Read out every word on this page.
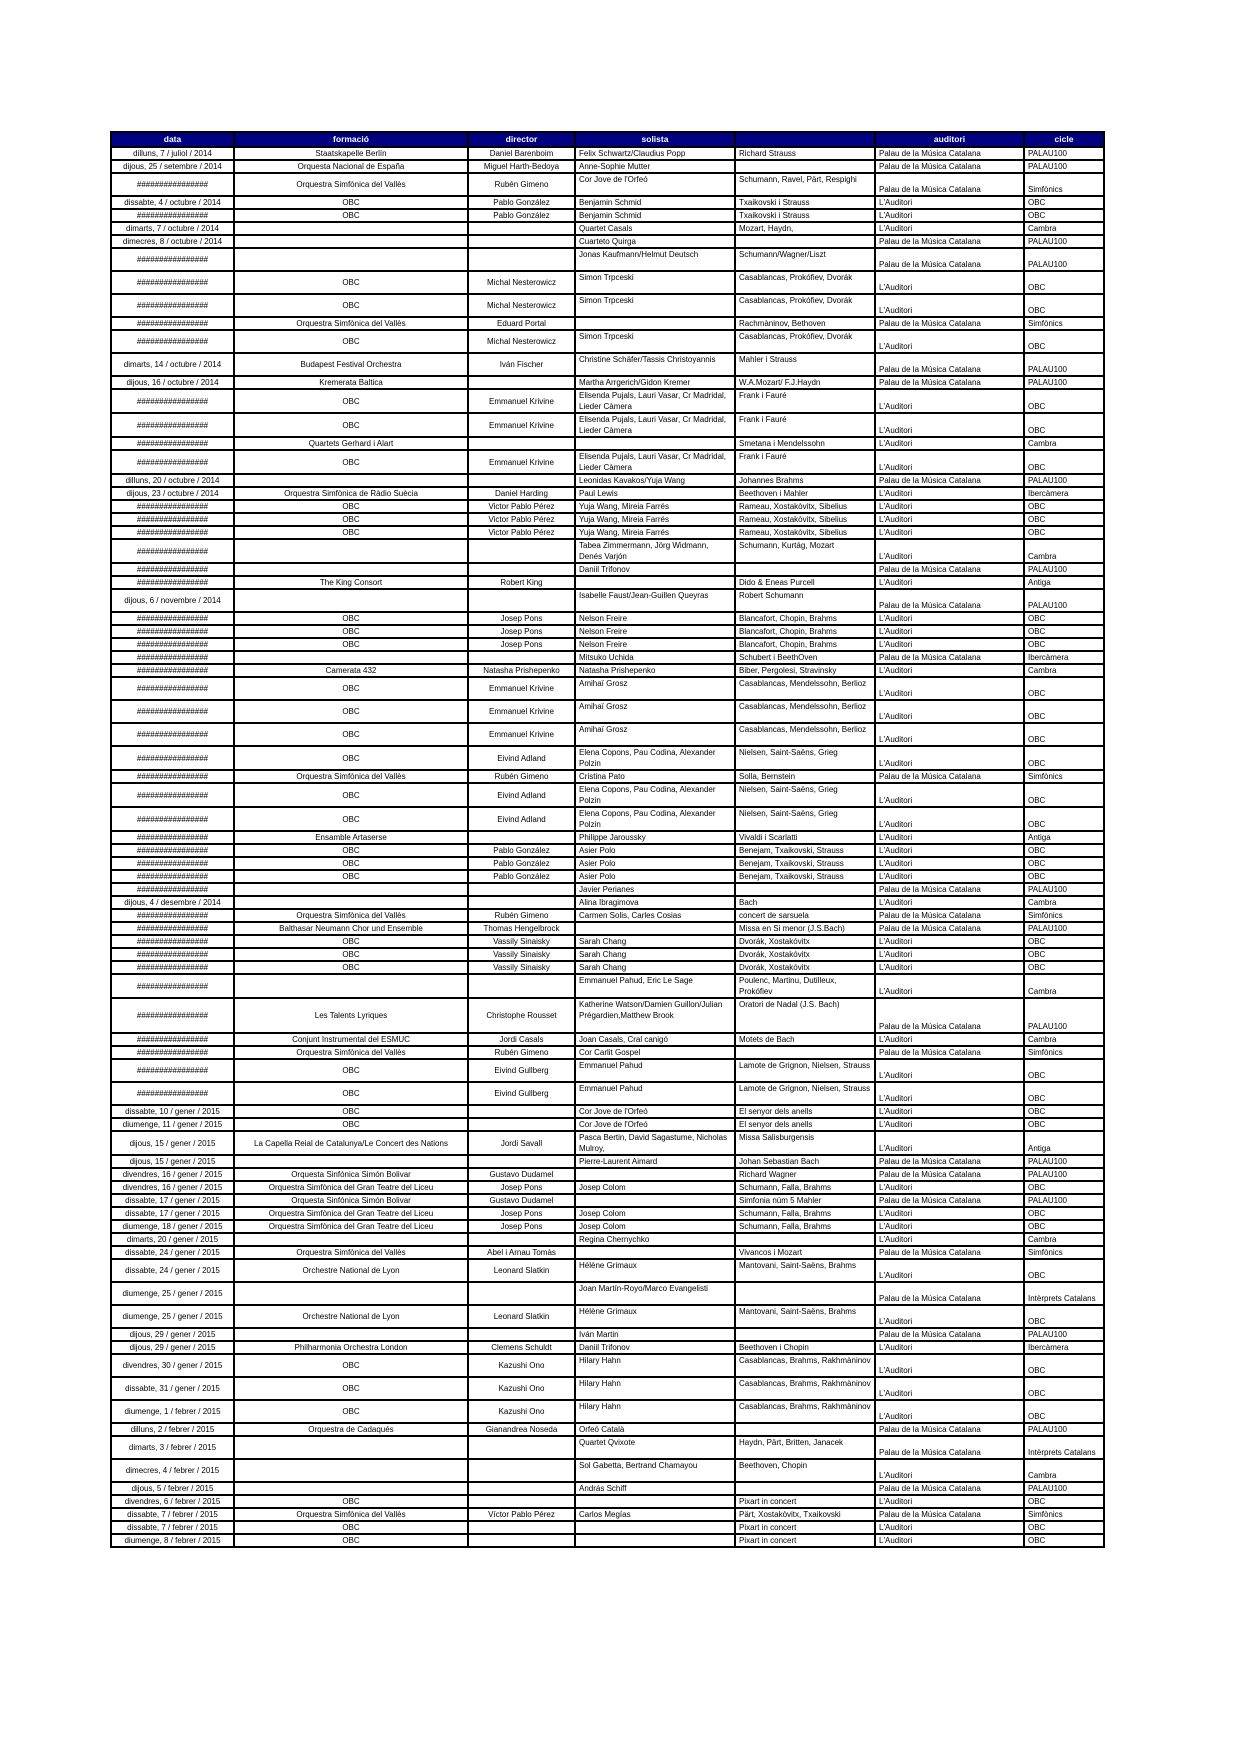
data	formació	director	solista		auditori	cicle
dilluns, 7 / juliol / 2014	Staatskapelle Berlín	Daniel Barenboim	Felix Schwartz/Claudius Popp	Richard Strauss	Palau de la Música Catalana	PALAU100
dijous, 25 / setembre / 2014	Orquesta Nacional de España	Miguel Harth-Bedoya	Anne-Sophie Mutter		Palau de la Música Catalana	PALAU100
################	Orquestra Simfònica del Vallès	Rubén Gimeno	Cor Jove de l'Orfeó	Schumann, Ravel, Pärt, Respighi	Palau de la Música Catalana	Simfònics
dissabte, 4 / octubre / 2014	OBC	Pablo González	Benjamin Schmid	Txaikovski i Strauss	L'Auditori	OBC
################	OBC	Pablo González	Benjamin Schmid	Txaikovski i Strauss	L'Auditori	OBC
dimarts, 7 / octubre / 2014			Quartet Casals	Mozart, Haydn,	L'Auditori	Cambra
dimecres, 8 / octubre / 2014			Cuarteto Quirga		Palau de la Música Catalana	PALAU100
################			Jonas Kaufmann/Helmut Deutsch	Schumann/Wagner/Liszt	Palau de la Música Catalana	PALAU100
################	OBC	Michal Nesterowicz	Simon Trpceski	Casablancas, Prokófiev, Dvorák	L'Auditori	OBC
################	OBC	Michal Nesterowicz	Simon Trpceski	Casablancas, Prokófiev, Dvorák	L'Auditori	OBC
################	Orquestra Simfònica del Vallès	Eduard Portal		Rachmàninov, Bethoven	Palau de la Música Catalana	Simfònics
################	OBC	Michal Nesterowicz	Simon Trpceski	Casablancas, Prokófiev, Dvorák	L'Auditori	OBC
dimarts, 14 / octubre / 2014	Budapest Festival Orchestra	Iván Fischer	Christine Schäfer/Tassis Christoyannis	Mahler i Strauss	Palau de la Música Catalana	PALAU100
dijous, 16 / octubre / 2014	Kremerata Baltica		Martha Arrgerich/Gidon Kremer	W.A.Mozart/ F.J.Haydn	Palau de la Música Catalana	PALAU100
################	OBC	Emmanuel Krivine	Elisenda Pujals, Lauri Vasar, Cr Madridal, Lieder Càmera	Frank i Fauré	L'Auditori	OBC
################	OBC	Emmanuel Krivine	Elisenda Pujals, Lauri Vasar, Cr Madridal, Lieder Càmera	Frank i Fauré	L'Auditori	OBC
################	Quartets Gerhard i Alart			Smetana i Mendelssohn	L'Auditori	Cambra
################	OBC	Emmanuel Krivine	Elisenda Pujals, Lauri Vasar, Cr Madridal, Lieder Càmera	Frank i Fauré	L'Auditori	OBC
dilluns, 20 / octubre / 2014			Leonidas Kavakos/Yuja Wang	Johannes Brahms	Palau de la Música Catalana	PALAU100
dijous, 23 / octubre / 2014	Orquestra Simfònica de Ràdio Suècia	Daniel Harding	Paul Lewis	Beethoven i Mahler	L'Auditori	Ibercàmera
################	OBC	Victor Pablo Pérez	Yuja Wang, Mireia Farrés	Rameau, Xostakòvitx, Sibelius	L'Auditori	OBC
################	OBC	Victor Pablo Pérez	Yuja Wang, Mireia Farrés	Rameau, Xostakòvitx, Sibelius	L'Auditori	OBC
################	OBC	Victor Pablo Pérez	Yuja Wang, Mireia Farrés	Rameau, Xostakòvitx, Sibelius	L'Auditori	OBC
################			Tabea Zimmermann, Jörg Widmann, Denés Varjón	Schumann, Kurtág, Mozart	L'Auditori	Cambra
################			Daniil Trifonov		Palau de la Música Catalana	PALAU100
################	The King Consort	Robert King		Dido & Eneas Purcell	L'Auditori	Antiga
dijous, 6 / novembre / 2014			Isabelle Faust/Jean-Guillen Queyras	Robert Schumann	Palau de la Música Catalana	PALAU100
################	OBC	Josep Pons	Nelson Freire	Blancafort, Chopin, Brahms	L'Auditori	OBC
################	OBC	Josep Pons	Nelson Freire	Blancafort, Chopin, Brahms	L'Auditori	OBC
################	OBC	Josep Pons	Nelson Freire	Blancafort, Chopin, Brahms	L'Auditori	OBC
################			Mitsuko Uchida	Schubert i BeethOven	Palau de la Música Catalana	Ibercàmera
################	Camerata 432	Natasha Prishepenko	Natasha Prishepenko	Biber, Pergolesi, Stravinsky	L'Auditori	Cambra
################	OBC	Emmanuel Krivine	Amihaï Grosz	Casablancas, Mendelssohn, Berlioz	L'Auditori	OBC
################	OBC	Emmanuel Krivine	Amihaï Grosz	Casablancas, Mendelssohn, Berlioz	L'Auditori	OBC
################	OBC	Emmanuel Krivine	Amihaï Grosz	Casablancas, Mendelssohn, Berlioz	L'Auditori	OBC
################	OBC	Eivind Adland	Elena Copons, Pau Codina, Alexander Polzin	Nielsen, Saint-Saëns, Grieg	L'Auditori	OBC
################	Orquestra Simfònica del Vallès	Rubén Gimeno	Cristina Pato	Solla, Bernstein	Palau de la Música Catalana	Simfònics
################	OBC	Eivind Adland	Elena Copons, Pau Codina, Alexander Polzin	Nielsen, Saint-Saëns, Grieg	L'Auditori	OBC
################	OBC	Eivind Adland	Elena Copons, Pau Codina, Alexander Polzin	Nielsen, Saint-Saëns, Grieg	L'Auditori	OBC
################	Ensamble Artaserse		Philippe Jaroussky	Vivaldi i Scarlatti	L'Auditori	Antiga
################	OBC	Pablo González	Asier Polo	Benejam, Txaikovski, Strauss	L'Auditori	OBC
################	OBC	Pablo González	Asier Polo	Benejam, Txaikovski, Strauss	L'Auditori	OBC
################	OBC	Pablo González	Asier Polo	Benejam, Txaikovski, Strauss	L'Auditori	OBC
################			Javier Perianes		Palau de la Música Catalana	PALAU100
dijous, 4 / desembre / 2014			Alina Ibragimova	Bach	L'Auditori	Cambra
################	Orquestra Simfònica del Vallès	Rubén Gimeno	Carmen Solis, Carles Cosias	concert de sarsuela	Palau de la Música Catalana	Simfònics
################	Balthasar Neumann Chor und Ensemble	Thomas Hengelbrock		Missa en Si menor (J.S.Bach)	Palau de la Música Catalana	PALAU100
################	OBC	Vassily Sinaisky	Sarah Chang	Dvorák, Xostakóvitx	L'Auditori	OBC
################	OBC	Vassily Sinaisky	Sarah Chang	Dvorák, Xostakóvitx	L'Auditori	OBC
################	OBC	Vassily Sinaisky	Sarah Chang	Dvorák, Xostakóvitx	L'Auditori	OBC
################			Emmanuel Pahud, Eric Le Sage	Poulenc, Martinu, Dutilleux, Prokófiev	L'Auditori	Cambra
################	Les Talents Lyriques	Christophe Rousset	Katherine Watson/Damien Guillon/Julian Prégardien,Matthew Brook	Oratori de Nadal (J.S. Bach)	Palau de la Música Catalana	PALAU100
################	Conjunt Instrumental del ESMUC	Jordi Casals	Joan Casals, Cral canigó	Motets de Bach	L'Auditori	Cambra
################	Orquestra Simfònica del Vallès	Rubén Gimeno	Cor Carlit Gospel		Palau de la Música Catalana	Simfònics
################	OBC	Eivind Gullberg	Emmanuel Pahud	Lamote de Grignon, Nielsen, Strauss	L'Auditori	OBC
################	OBC	Eivind Gullberg	Emmanuel Pahud	Lamote de Grignon, Nielsen, Strauss	L'Auditori	OBC
dissabte, 10 / gener / 2015	OBC		Cor Jove de l'Orfeó	El senyor dels anells	L'Auditori	OBC
diumenge, 11 / gener / 2015	OBC		Cor Jove de l'Orfeó	El senyor dels anells	L'Auditori	OBC
dijous, 15 / gener / 2015	La Capella Reial de Catalunya/Le Concert des Nations	Jordi Savall	Pasca Bertin, David Sagastume, Nicholas Mulroy,	Missa Salisburgensis	L'Auditori	Antiga
dijous, 15 / gener / 2015			Pierre-Laurent Aimard	Johan Sebastian Bach	Palau de la Música Catalana	PALAU100
divendres, 16 / gener / 2015	Orquesta Sinfónica Simón Bolivar	Gustavo Dudamel		Richard Wagner	Palau de la Música Catalana	PALAU100
divendres, 16 / gener / 2015	Orquestra Simfònica del Gran Teatre del Liceu	Josep Pons	Josep Colom	Schumann, Falla, Brahms	L'Auditori	OBC
dissabte, 17 / gener / 2015	Orquesta Sinfónica Simón Bolivar	Gustavo Dudamel		Simfonia núm 5 Mahler	Palau de la Música Catalana	PALAU100
dissabte, 17 / gener / 2015	Orquestra Simfònica del Gran Teatre del Liceu	Josep Pons	Josep Colom	Schumann, Falla, Brahms	L'Auditori	OBC
diumenge, 18 / gener / 2015	Orquestra Simfònica del Gran Teatre del Liceu	Josep Pons	Josep Colom	Schumann, Falla, Brahms	L'Auditori	OBC
dimarts, 20 / gener / 2015			Regina Chernychko		L'Auditori	Cambra
dissabte, 24 / gener / 2015	Orquestra Simfònica del Vallès	Abel i Arnau Tomàs		Vivancos i Mozart	Palau de la Música Catalana	Simfònics
dissabte, 24 / gener / 2015	Orchestre National de Lyon	Leonard Slatkin	Hélène Grimaux	Mantovani, Saint-Saëns, Brahms	L'Auditori	OBC
diumenge, 25 / gener / 2015			Joan Martín-Royo/Marco Evangelisti		Palau de la Música Catalana	Intèrprets Catalans
diumenge, 25 / gener / 2015	Orchestre National de Lyon	Leonard Slatkin	Hélène Grimaux	Mantovani, Saint-Saëns, Brahms	L'Auditori	OBC
dijous, 29 / gener / 2015			Iván Martin		Palau de la Música Catalana	PALAU100
dijous, 29 / gener / 2015	Philharmonia Orchestra London	Clemens Schuldt	Daniil Trifonov	Beethoven i Chopin	L'Auditori	Ibercàmera
divendres, 30 / gener / 2015	OBC	Kazushi Ono	Hilary Hahn	Casablancas, Brahms, Rakhmàninov	L'Auditori	OBC
dissabte, 31 / gener / 2015	OBC	Kazushi Ono	Hilary Hahn	Casablancas, Brahms, Rakhmàninov	L'Auditori	OBC
diumenge, 1 / febrer / 2015	OBC	Kazushi Ono	Hilary Hahn	Casablancas, Brahms, Rakhmàninov	L'Auditori	OBC
dilluns, 2 / febrer / 2015	Orquestra de Cadaqués	Gianandrea Noseda	Orfeó Català		Palau de la Música Catalana	PALAU100
dimarts, 3 / febrer / 2015			Quartet Qvixote	Haydn, Pärt, Britten, Janacek	Palau de la Música Catalana	Intèrprets Catalans
dimecres, 4 / febrer / 2015			Sol Gabetta, Bertrand Chamayou	Beethoven, Chopin	L'Auditori	Cambra
dijous, 5 / febrer / 2015			András Schiff		Palau de la Música Catalana	PALAU100
divendres, 6 / febrer / 2015	OBC			Pixart in concert	L'Auditori	OBC
dissabte, 7 / febrer / 2015	Orquestra Simfònica del Vallès	Víctor Pablo Pérez	Carlos Megías	Pärt, Xostakòvitx, Txaikovski	Palau de la Música Catalana	Simfònics
dissabte, 7 / febrer / 2015	OBC			Pixart in concert	L'Auditori	OBC
diumenge, 8 / febrer / 2015	OBC			Pixart in concert	L'Auditori	OBC
